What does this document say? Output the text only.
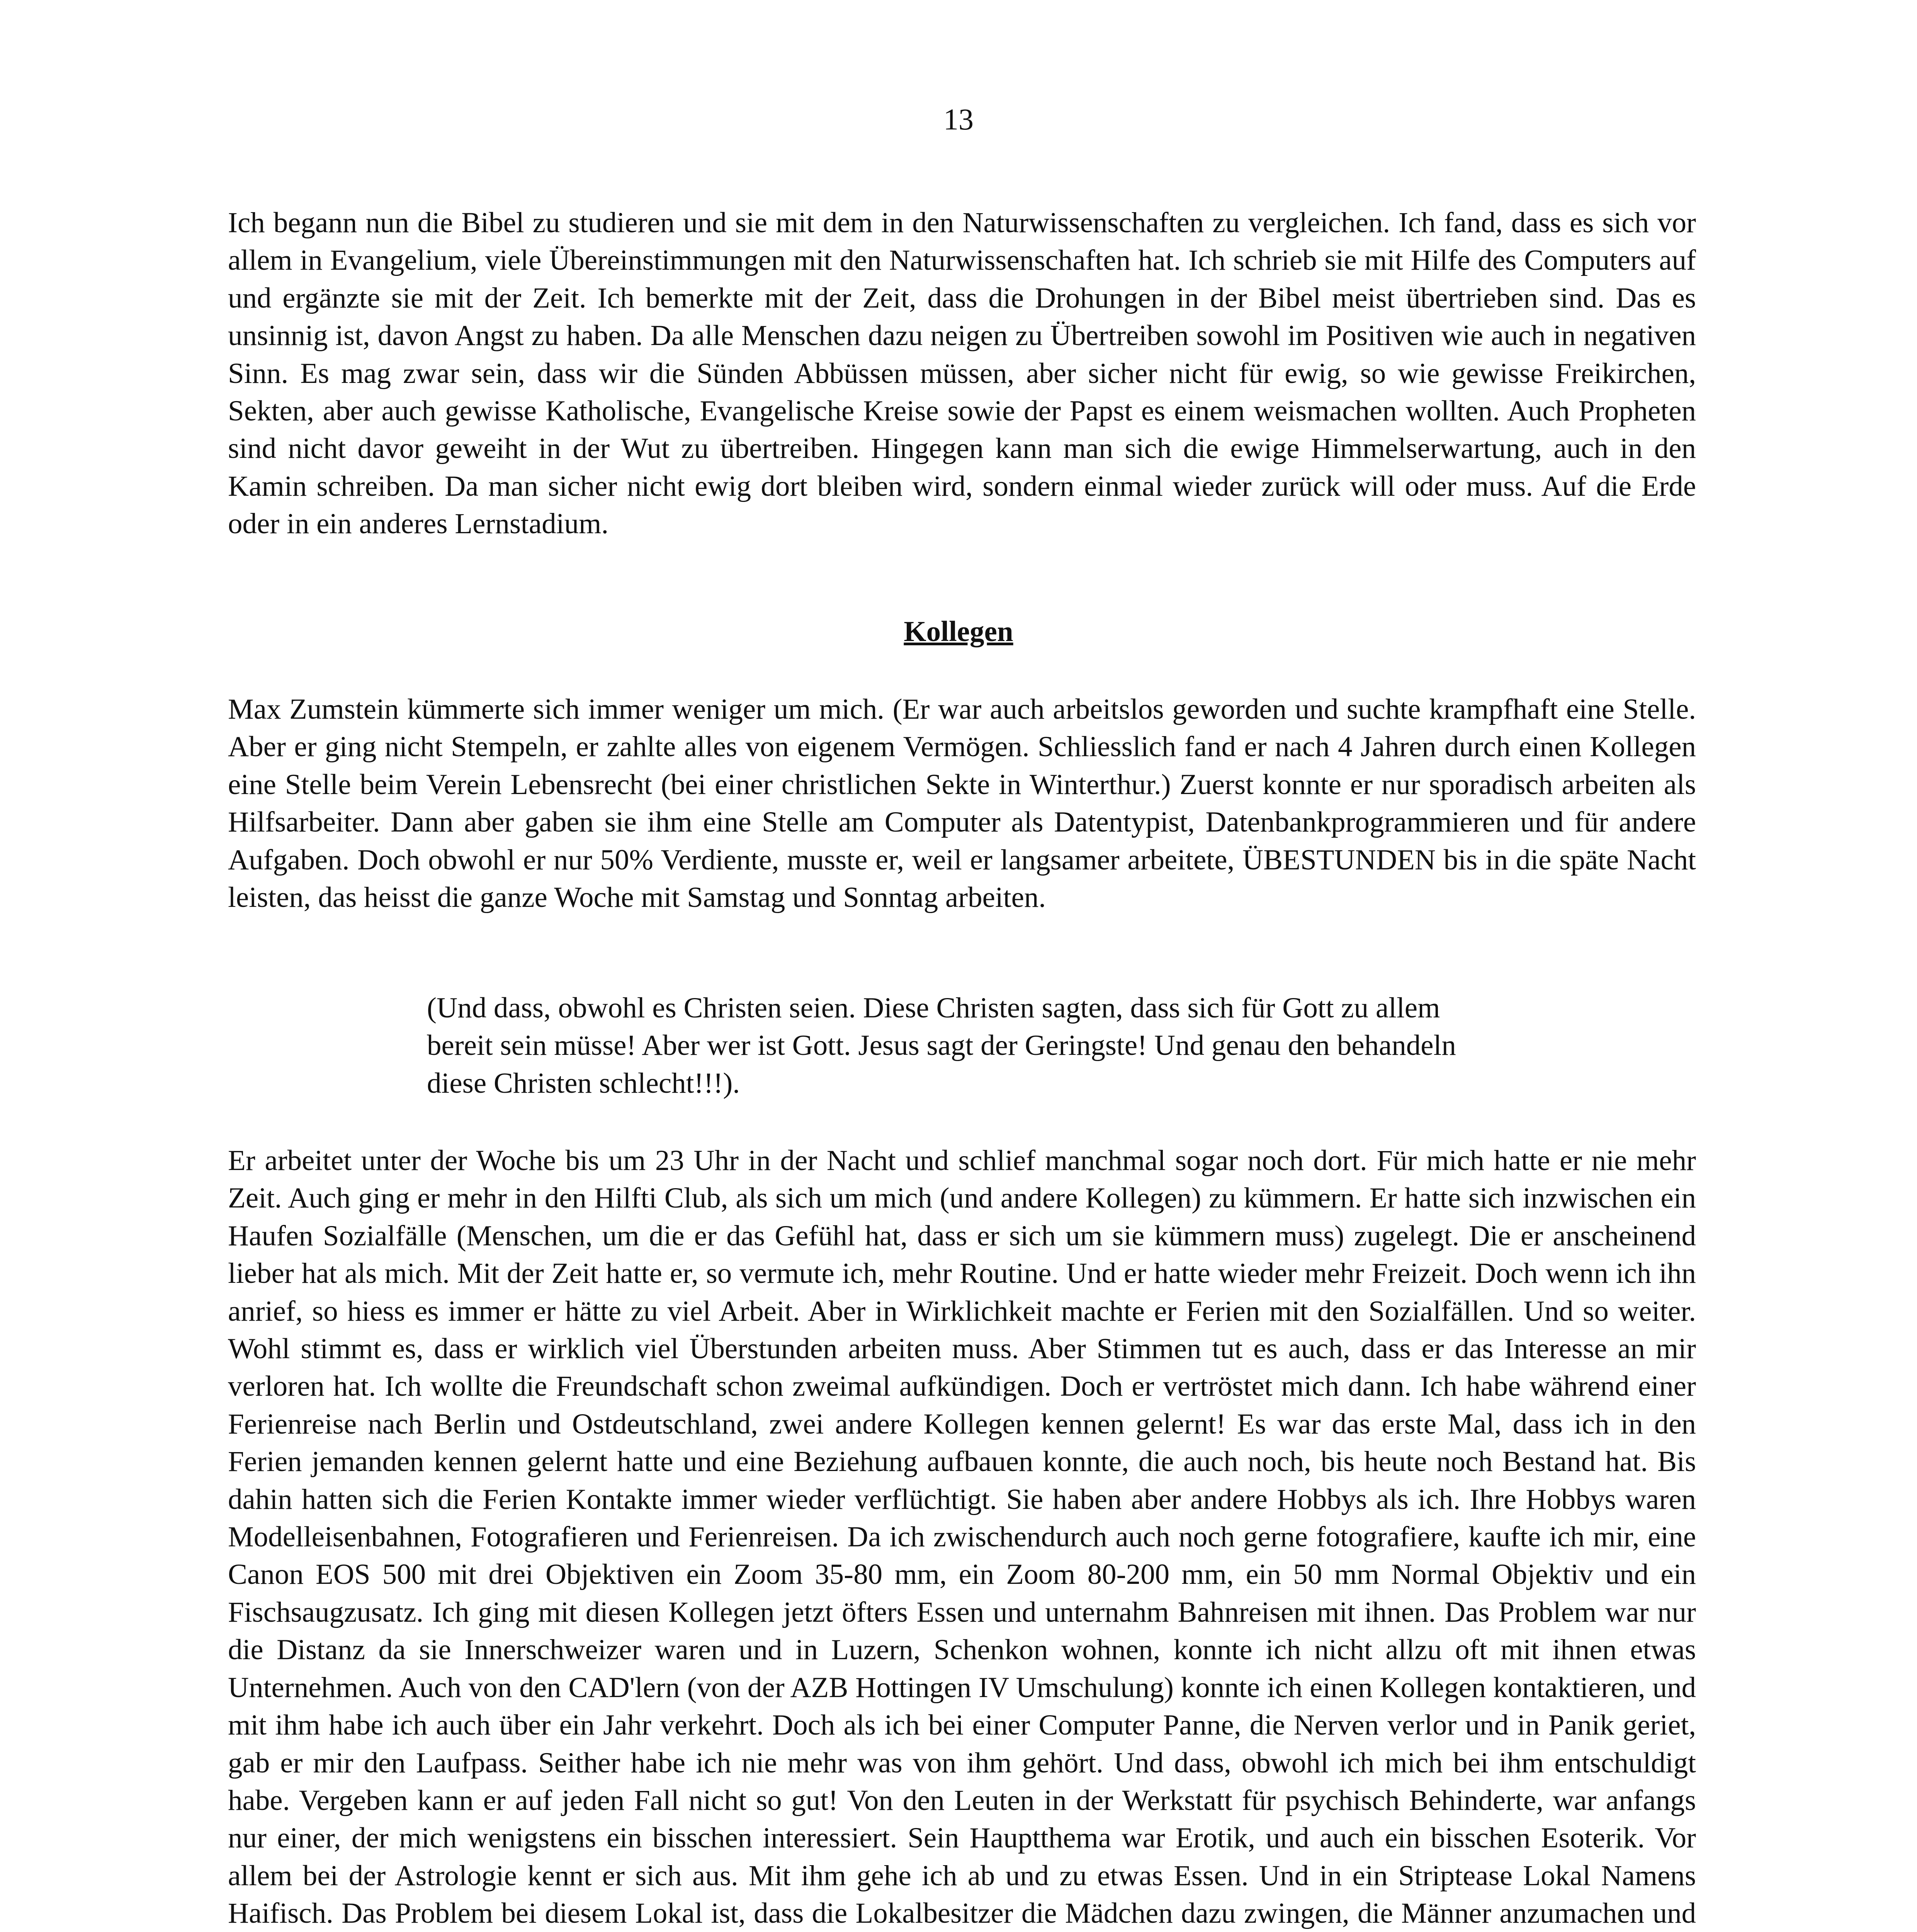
13

Ich begann nun die Bibel zu studieren und sie mit dem in den Naturwissenschaften zu vergleichen. Ich fand, dass es sich vor allem in Evangelium, viele Übereinstimmungen mit den Naturwissenschaften hat. Ich schrieb sie mit Hilfe des Computers auf und ergänzte sie mit der Zeit. Ich bemerkte mit der Zeit, dass die Drohungen in der Bibel meist übertrieben sind. Das es unsinnig ist, davon Angst zu haben. Da alle Menschen dazu neigen zu Übertreiben sowohl im Positiven wie auch in negativen Sinn. Es mag zwar sein, dass wir die Sünden Abbüssen müssen, aber sicher nicht für ewig, so wie gewisse Freikirchen, Sekten, aber auch gewisse Katholische, Evangelische Kreise sowie der Papst es einem weismachen wollten. Auch Propheten sind nicht davor geweiht in der Wut zu übertreiben. Hingegen kann man sich die ewige Himmelserwartung, auch in den Kamin schreiben. Da man sicher nicht ewig dort bleiben wird, sondern einmal wieder zurück will oder muss. Auf die Erde oder in ein anderes Lernstadium.

Kollegen

Max Zumstein kümmerte sich immer weniger um mich. (Er war auch arbeitslos geworden und suchte krampfhaft eine Stelle. Aber er ging nicht Stempeln, er zahlte alles von eigenem Vermögen. Schliesslich fand er nach 4 Jahren durch einen Kollegen eine Stelle beim Verein Lebensrecht (bei einer christlichen Sekte in Winterthur.) Zuerst konnte er nur sporadisch arbeiten als Hilfsarbeiter. Dann aber gaben sie ihm eine Stelle am Computer als Datentypist, Datenbankprogrammieren und für andere Aufgaben. Doch obwohl er nur 50% Verdiente, musste er, weil er langsamer arbeitete, ÜBESTUNDEN bis in die späte Nacht leisten, das heisst die ganze Woche mit Samstag und Sonntag arbeiten.

(Und dass, obwohl es Christen seien. Diese Christen sagten, dass sich für Gott zu allem bereit sein müsse! Aber wer ist Gott. Jesus sagt der Geringste! Und genau den behandeln diese Christen schlecht!!!).

Er arbeitet unter der Woche bis um 23 Uhr in der Nacht und schlief manchmal sogar noch dort. Für mich hatte er nie mehr Zeit. Auch ging er mehr in den Hilfti Club, als sich um mich (und andere Kollegen) zu kümmern. Er hatte sich inzwischen ein Haufen Sozialfälle (Menschen, um die er das Gefühl hat, dass er sich um sie kümmern muss) zugelegt. Die er anscheinend lieber hat als mich. Mit der Zeit hatte er, so vermute ich, mehr Routine. Und er hatte wieder mehr Freizeit. Doch wenn ich ihn anrief, so hiess es immer er hätte zu viel Arbeit. Aber in Wirklichkeit machte er Ferien mit den Sozialfällen. Und so weiter. Wohl stimmt es, dass er wirklich viel Überstunden arbeiten muss. Aber Stimmen tut es auch, dass er das Interesse an mir verloren hat. Ich wollte die Freundschaft schon zweimal aufkündigen. Doch er vertröstet mich dann. Ich habe während einer Ferienreise nach Berlin und Ostdeutschland, zwei andere Kollegen kennen gelernt! Es war das erste Mal, dass ich in den Ferien jemanden kennen gelernt hatte und eine Beziehung aufbauen konnte, die auch noch, bis heute noch Bestand hat. Bis dahin hatten sich die Ferien Kontakte immer wieder verflüchtigt. Sie haben aber andere Hobbys als ich. Ihre Hobbys waren Modelleisenbahnen, Fotografieren und Ferienreisen. Da ich zwischendurch auch noch gerne fotografiere, kaufte ich mir, eine Canon EOS 500 mit drei Objektiven ein Zoom 35-80 mm, ein Zoom 80-200 mm, ein 50 mm Normal Objektiv und ein Fischsaugzusatz. Ich ging mit diesen Kollegen jetzt öfters Essen und unternahm Bahnreisen mit ihnen. Das Problem war nur die Distanz da sie Innerschweizer waren und in Luzern, Schenkon wohnen, konnte ich nicht allzu oft mit ihnen etwas Unternehmen. Auch von den CAD'lern (von der AZB Hottingen IV Umschulung) konnte ich einen Kollegen kontaktieren, und mit ihm habe ich auch über ein Jahr verkehrt. Doch als ich bei einer Computer Panne, die Nerven verlor und in Panik geriet, gab er mir den Laufpass. Seither habe ich nie mehr was von ihm gehört. Und dass, obwohl ich mich bei ihm entschuldigt habe. Vergeben kann er auf jeden Fall nicht so gut! Von den Leuten in der Werkstatt für psychisch Behinderte, war anfangs nur einer, der mich wenigstens ein bisschen interessiert. Sein Hauptthema war Erotik, und auch ein bisschen Esoterik. Vor allem bei der Astrologie kennt er sich aus. Mit ihm gehe ich ab und zu etwas Essen. Und in ein Striptease Lokal Namens Haifisch. Das Problem bei diesem Lokal ist, dass die Lokalbesitzer die Mädchen dazu zwingen, die Männer anzumachen und
